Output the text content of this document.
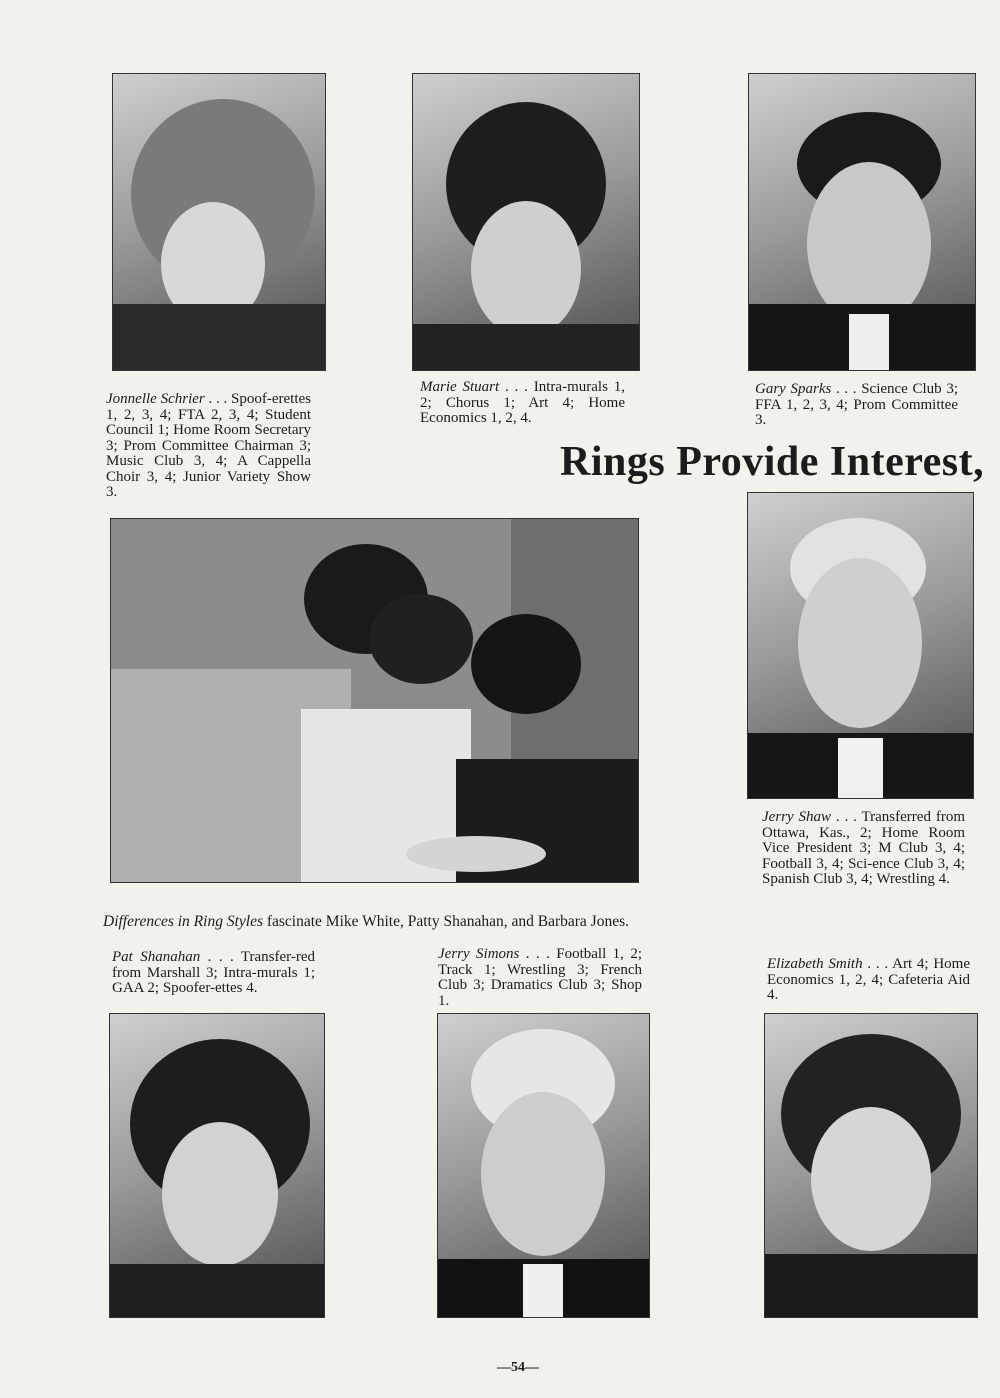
Jonnelle Schrier . . . Spoof-erettes 1, 2, 3, 4; FTA 2, 3, 4; Student Council 1; Home Room Secretary 3; Prom Committee Chairman 3; Music Club 3, 4; A Cappella Choir 3, 4; Junior Variety Show 3.

Marie Stuart . . . Intra-murals 1, 2; Chorus 1; Art 4; Home Economics 1, 2, 4.

Gary Sparks . . . Science Club 3; FFA 1, 2, 3, 4; Prom Committee 3.

Rings Provide Interest,

Jerry Shaw . . . Transferred from Ottawa, Kas., 2; Home Room Vice President 3; M Club 3, 4; Football 3, 4; Sci-ence Club 3, 4; Spanish Club 3, 4; Wrestling 4.

Differences in Ring Styles fascinate Mike White, Patty Shanahan, and Barbara Jones.

Pat Shanahan . . . Transfer-red from Marshall 3; Intra-murals 1; GAA 2; Spoofer-ettes 4.

Jerry Simons . . . Football 1, 2; Track 1; Wrestling 3; French Club 3; Dramatics Club 3; Shop 1.

Elizabeth Smith . . . Art 4; Home Economics 1, 2, 4; Cafeteria Aid 4.

—54—
